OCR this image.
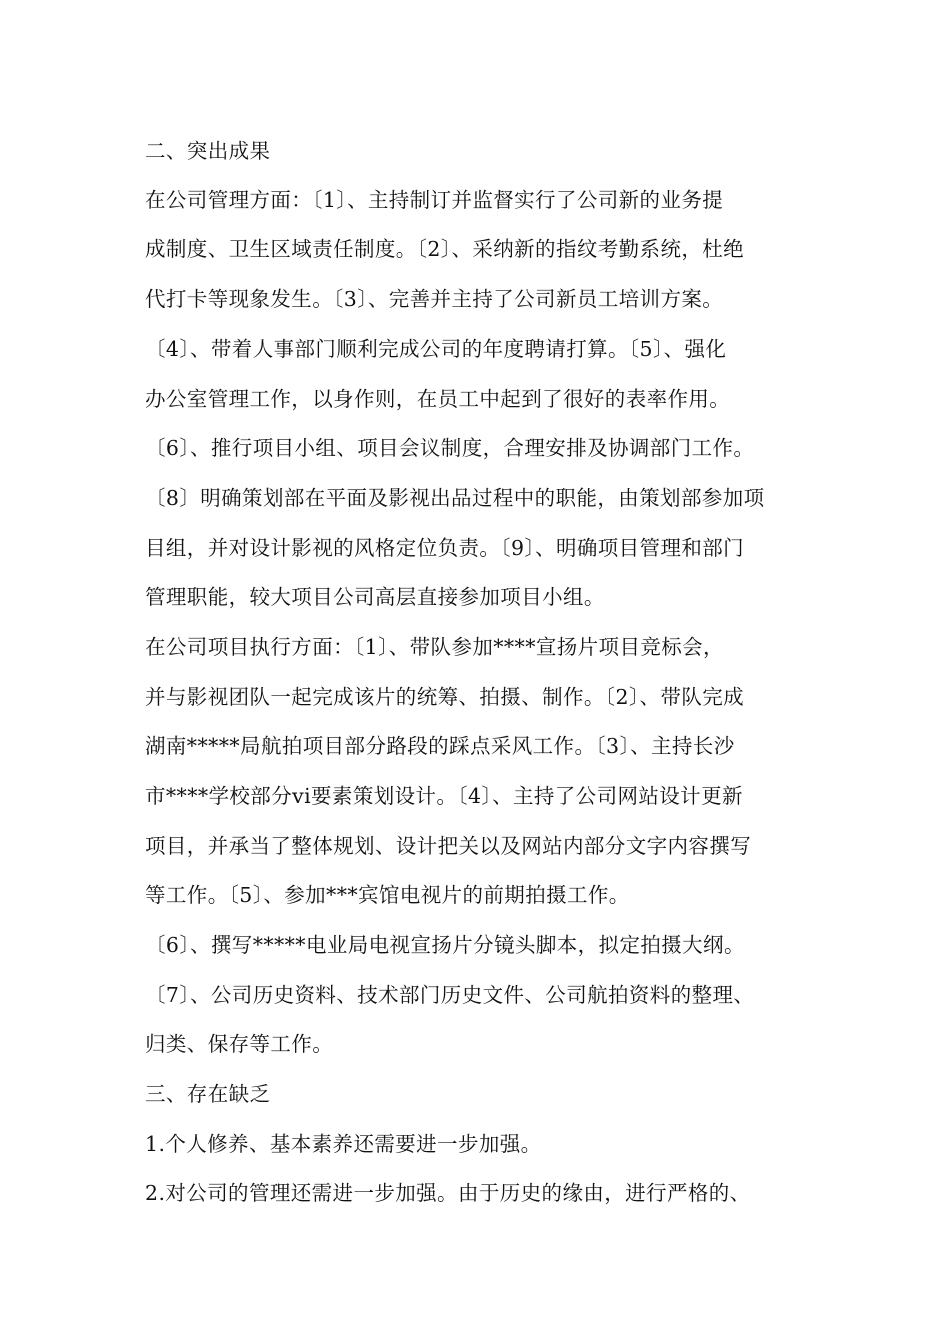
二、突出成果

在公司管理方面：〔1〕、主持制订并监督实行了公司新的业务提

成制度、卫生区域责任制度。〔2〕、采纳新的指纹考勤系统，杜绝

代打卡等现象发生。〔3〕、完善并主持了公司新员工培训方案。

〔4〕、带着人事部门顺利完成公司的年度聘请打算。〔5〕、强化

办公室管理工作，以身作则，在员工中起到了很好的表率作用。

〔6〕、推行项目小组、项目会议制度，合理安排及协调部门工作。

〔8〕明确策划部在平面及影视出品过程中的职能，由策划部参加项

目组，并对设计影视的风格定位负责。〔9〕、明确项目管理和部门

管理职能，较大项目公司高层直接参加项目小组。

在公司项目执行方面：〔1〕、带队参加****宣扬片项目竞标会，

并与影视团队一起完成该片的统筹、拍摄、制作。〔2〕、带队完成

湖南*****局航拍项目部分路段的踩点采风工作。〔3〕、主持长沙

市****学校部分vi要素策划设计。〔4〕、主持了公司网站设计更新

项目，并承当了整体规划、设计把关以及网站内部分文字内容撰写

等工作。〔5〕、参加***宾馆电视片的前期拍摄工作。

〔6〕、撰写*****电业局电视宣扬片分镜头脚本，拟定拍摄大纲。

〔7〕、公司历史资料、技术部门历史文件、公司航拍资料的整理、

归类、保存等工作。

三、存在缺乏

1.个人修养、基本素养还需要进一步加强。

2.对公司的管理还需进一步加强。由于历史的缘由，进行严格的、
